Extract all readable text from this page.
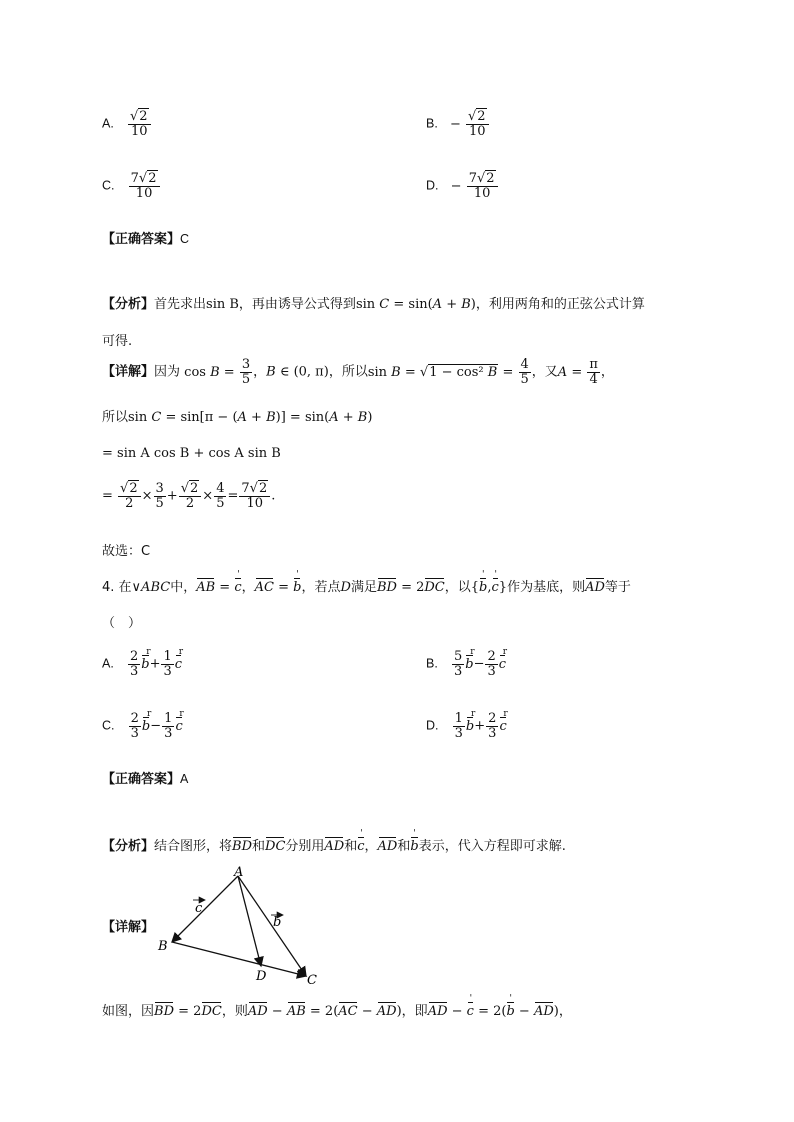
A. $\frac{√2}{10}$	B. − $\frac{√2}{10}$
C. $\frac{7√2}{10}$	D. − $\frac{7√2}{10}$
【正确答案】C
【分析】首先求出sin B，再由诱导公式得到sin C = sin(A + B)，利用两角和的正弦公式计算
可得.
【详解】因为 $\cos B = \frac{3}{5}$ ，B ∈ (0, π)，所以sin B = √1 − cos² $B = \frac{4}{5}$ ，又$A = \frac{\pi}{4}$ ，
所以sin C = sin[π − (A + B)] = sin(A + B)
= sin A cos B + cos A sin B
= $\frac{√2}{2} \times \frac{3}{5} + \frac{√2}{2} \times \frac{4}{5} = \frac{7√2}{10}$ .
故选：C
4. 在∨ABC中，AB = c '，AC = b '，若点D满足BD = 2DC，以{b ',c '}作为基底，则AD等于
（　）
A. $\frac{2}{3}$ b $r+ \frac{1}{3}$ c r	B. $\frac{5}{3}$ b $r- \frac{2}{3}$ c r
C. $\frac{2}{3}$ b $r- \frac{1}{3}$ c r	D. $\frac{1}{3}$ b $r+ \frac{2}{3}$ c r
【正确答案】A
【分析】结合图形，将BD和DC分别用AD和c '，AD和b '表示，代入方程即可求解.
【详解】
A
B
D	C
c
b
如图，因BD = 2DC，则AD − AB = 2(AC − AD)，即AD − c ' = 2(b ' − AD)，
